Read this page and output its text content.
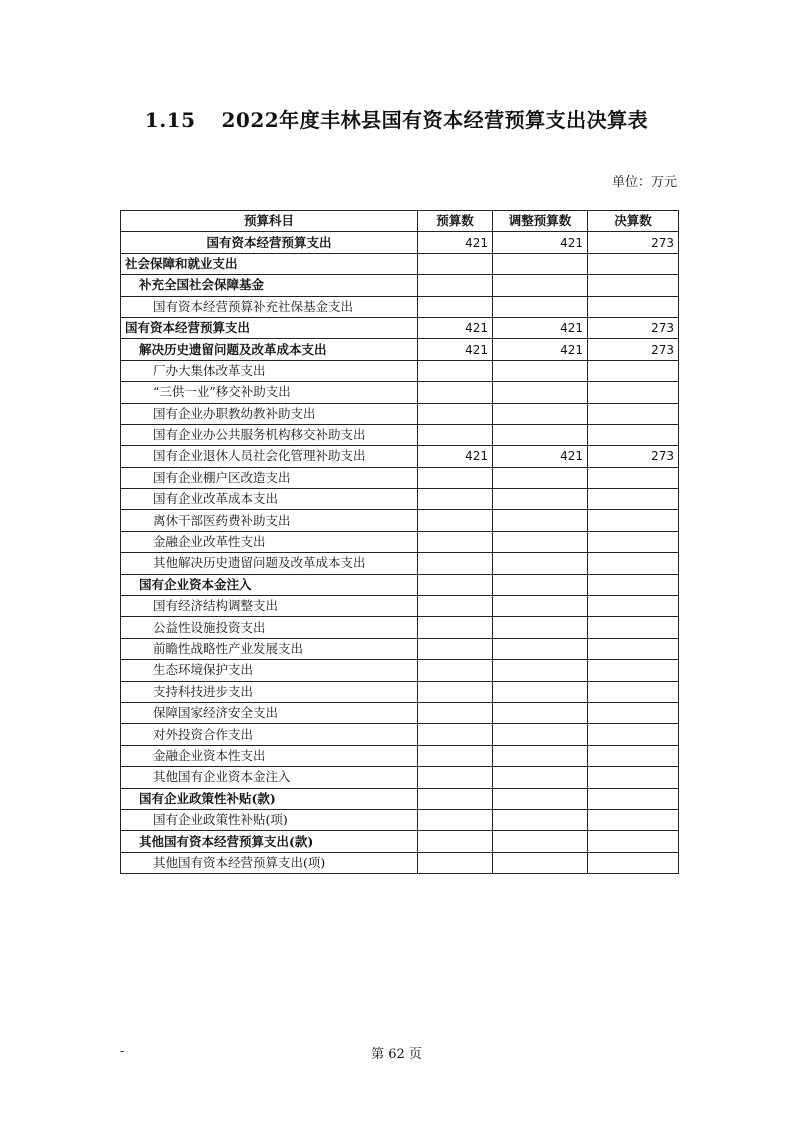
1.15 2022年度丰林县国有资本经营预算支出决算表
单位：万元
预算科目	预算数	调整预算数	决算数
国有资本经营预算支出	421	421	273
社会保障和就业支出			
补充全国社会保障基金			
国有资本经营预算补充社保基金支出			
国有资本经营预算支出	421	421	273
解决历史遗留问题及改革成本支出	421	421	273
厂办大集体改革支出			
“三供一业”移交补助支出			
国有企业办职教幼教补助支出			
国有企业办公共服务机构移交补助支出			
国有企业退休人员社会化管理补助支出	421	421	273
国有企业棚户区改造支出			
国有企业改革成本支出			
离休干部医药费补助支出			
金融企业改革性支出			
其他解决历史遗留问题及改革成本支出			
国有企业资本金注入			
国有经济结构调整支出			
公益性设施投资支出			
前瞻性战略性产业发展支出			
生态环境保护支出			
支持科技进步支出			
保障国家经济安全支出			
对外投资合作支出			
金融企业资本性支出			
其他国有企业资本金注入			
国有企业政策性补贴(款)			
国有企业政策性补贴(项)			
其他国有资本经营预算支出(款)			
其他国有资本经营预算支出(项)			
-	第 62 页
